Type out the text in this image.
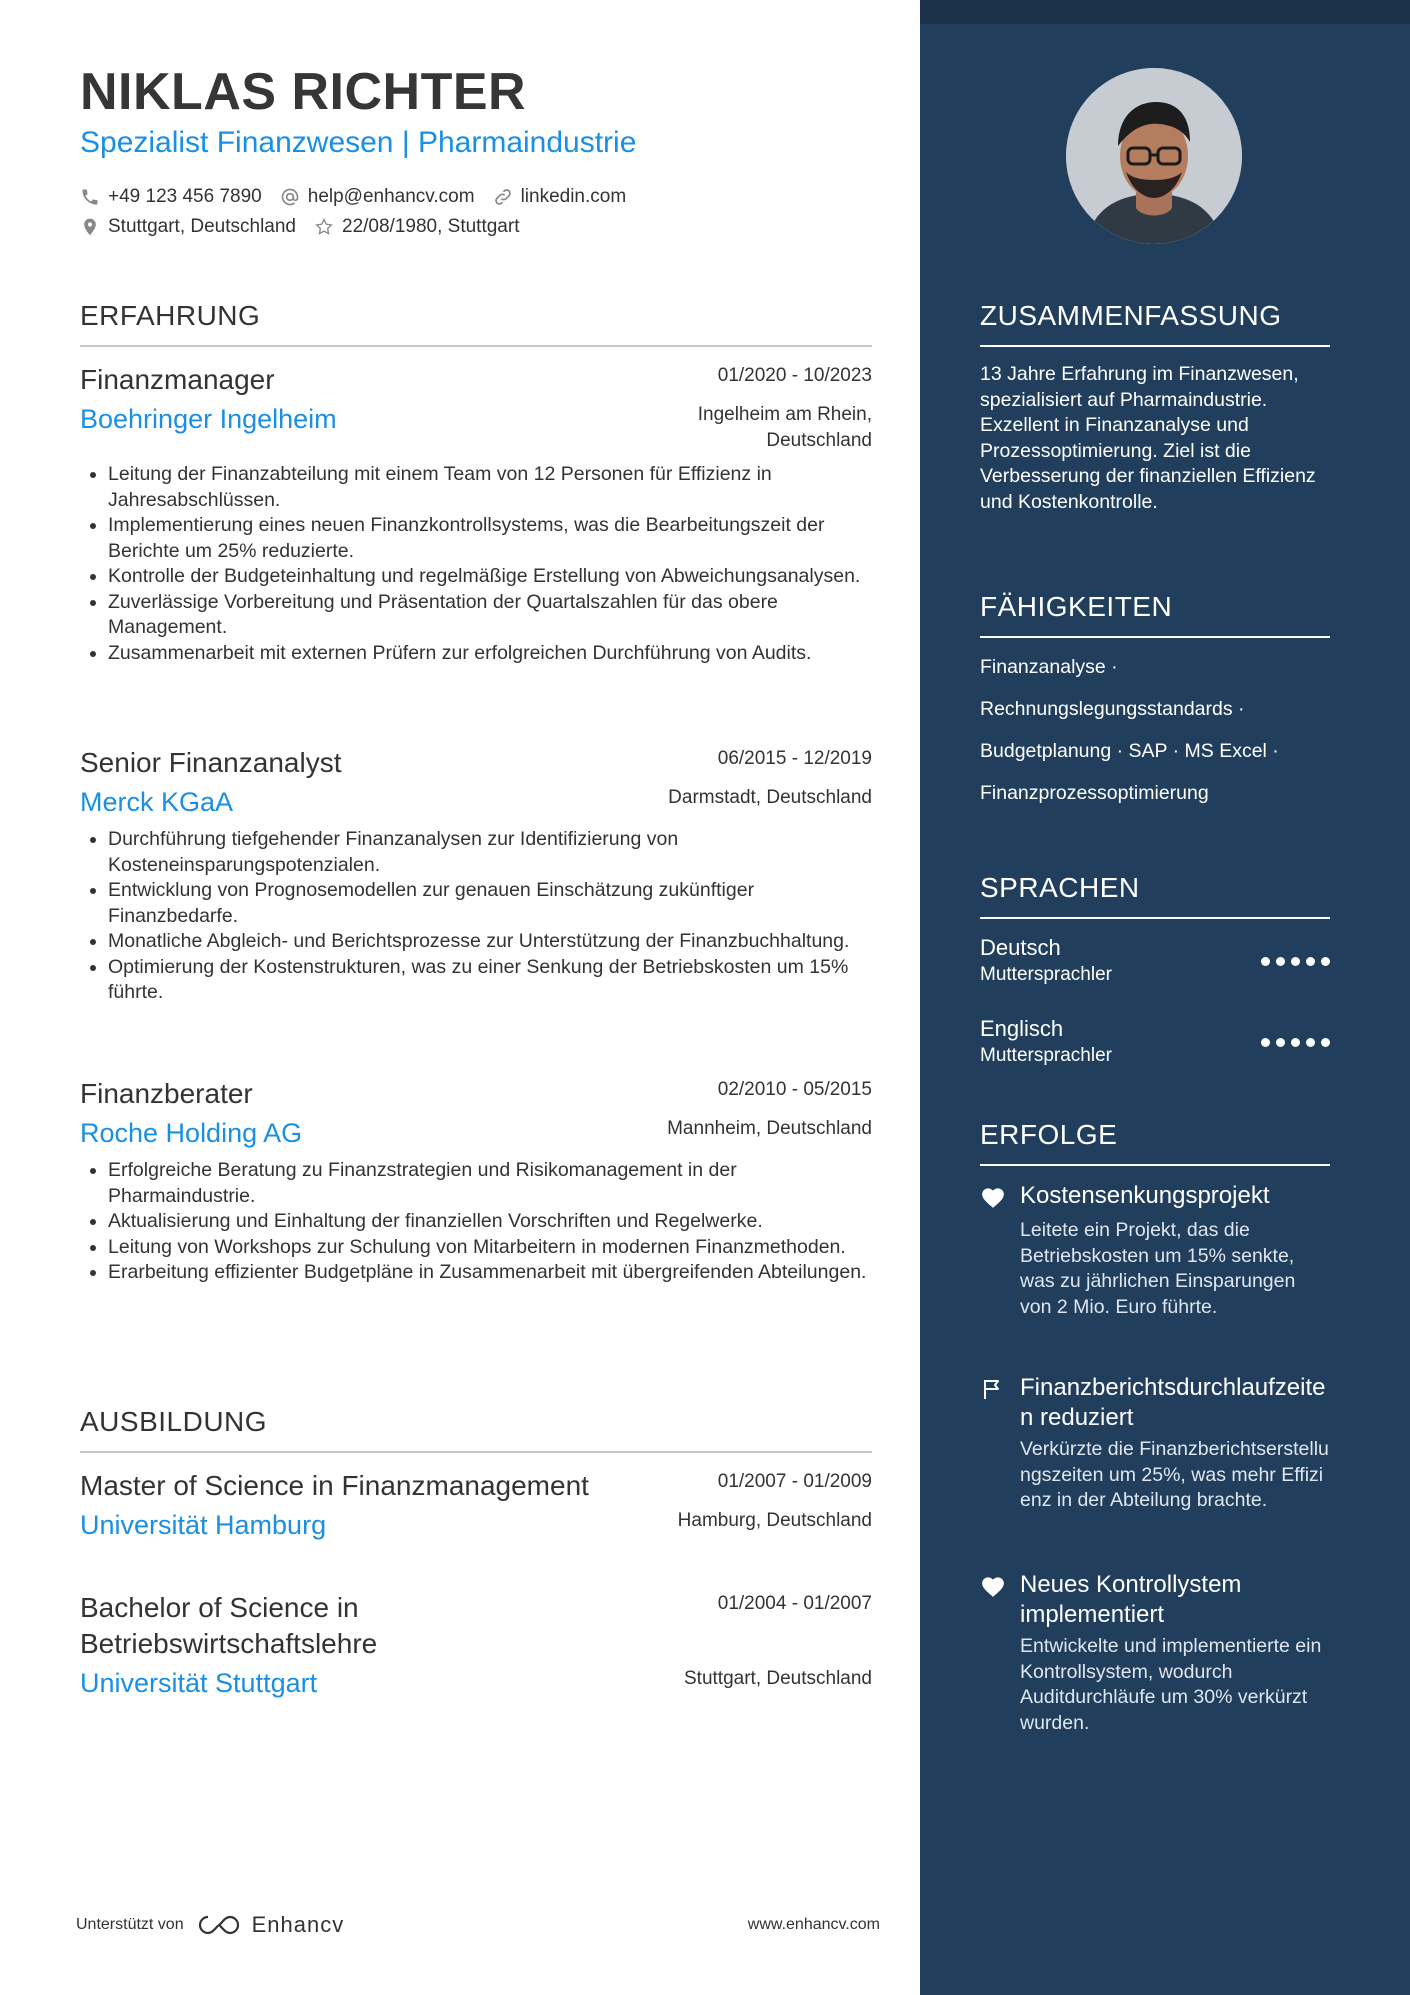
NIKLAS RICHTER
Spezialist Finanzwesen | Pharmaindustrie
+49 123 456 7890 help@enhancv.com linkedin.com
Stuttgart, Deutschland 22/08/1980, Stuttgart
ERFAHRUNG
Finanzmanager	01/2020 - 10/2023
Boehringer Ingelheim	Ingelheim am Rhein, Deutschland
Leitung der Finanzabteilung mit einem Team von 12 Personen für Effizienz in Jahresabschlüssen.
Implementierung eines neuen Finanzkontrollsystems, was die Bearbeitungszeit der Berichte um 25% reduzierte.
Kontrolle der Budgeteinhaltung und regelmäßige Erstellung von Abweichungsanalysen.
Zuverlässige Vorbereitung und Präsentation der Quartalszahlen für das obere Management.
Zusammenarbeit mit externen Prüfern zur erfolgreichen Durchführung von Audits.
Senior Finanzanalyst	06/2015 - 12/2019
Merck KGaA	Darmstadt, Deutschland
Durchführung tiefgehender Finanzanalysen zur Identifizierung von Kosteneinsparungspotenzialen.
Entwicklung von Prognosemodellen zur genauen Einschätzung zukünftiger Finanzbedarfe.
Monatliche Abgleich- und Berichtsprozesse zur Unterstützung der Finanzbuchhaltung.
Optimierung der Kostenstrukturen, was zu einer Senkung der Betriebskosten um 15% führte.
Finanzberater	02/2010 - 05/2015
Roche Holding AG	Mannheim, Deutschland
Erfolgreiche Beratung zu Finanzstrategien und Risikomanagement in der Pharmaindustrie.
Aktualisierung und Einhaltung der finanziellen Vorschriften und Regelwerke.
Leitung von Workshops zur Schulung von Mitarbeitern in modernen Finanzmethoden.
Erarbeitung effizienter Budgetpläne in Zusammenarbeit mit übergreifenden Abteilungen.
AUSBILDUNG
Master of Science in Finanzmanagement	01/2007 - 01/2009
Universität Hamburg	Hamburg, Deutschland
Bachelor of Science in Betriebswirtschaftslehre
01/2004 - 01/2007
Universität Stuttgart	Stuttgart, Deutschland
Unterstützt von	Enhancv	www.enhancv.com
ZUSAMMENFASSUNG
13 Jahre Erfahrung im Finanzwesen, spezialisiert auf Pharmaindustrie. Exzellent in Finanzanalyse und Prozessoptimierung. Ziel ist die Verbesserung der finanziellen Effizienz und Kostenkontrolle.
FÄHIGKEITEN
Finanzanalyse ·
Rechnungslegungsstandards ·
Budgetplanung · SAP · MS Excel ·
Finanzprozessoptimierung
SPRACHEN
Deutsch
Muttersprachler
Englisch
Muttersprachler
ERFOLGE
Kostensenkungsprojekt
Leitete ein Projekt, das die Betriebskosten um 15% senkte, was zu jährlichen Einsparungen von 2 Mio. Euro führte.
Finanzberichtsdurchlaufzeiten reduziert
Verkürzte die Finanzberichtserstellungszeiten um 25%, was mehr Effizienz in der Abteilung brachte.
Neues Kontrollystem implementiert
Entwickelte und implementierte ein Kontrollsystem, wodurch Auditdurchläufe um 30% verkürzt wurden.
